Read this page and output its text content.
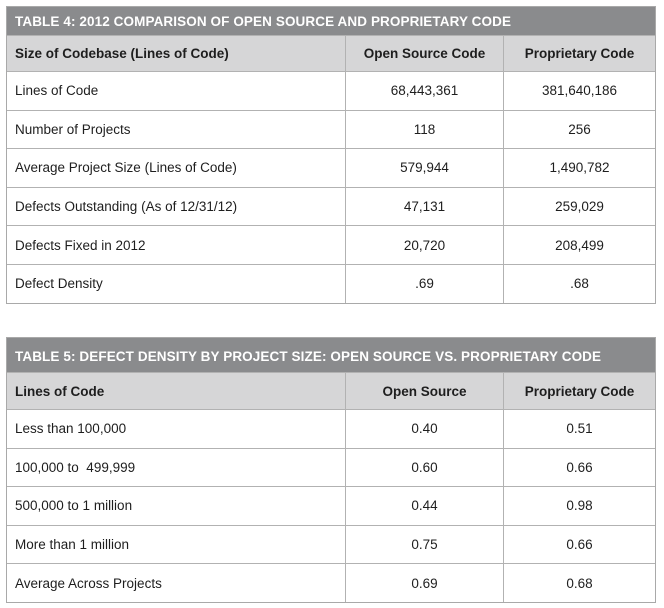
TABLE 4: 2012 COMPARISON OF OPEN SOURCE AND PROPRIETARY CODE
Size of Codebase (Lines of Code)	Open Source Code	Proprietary Code
Lines of Code	68,443,361	381,640,186
Number of Projects	118	256
Average Project Size (Lines of Code)	579,944	1,490,782
Defects Outstanding (As of 12/31/12)	47,131	259,029
Defects Fixed in 2012	20,720	208,499
Defect Density	.69	.68
TABLE 5: DEFECT DENSITY BY PROJECT SIZE: OPEN SOURCE VS. PROPRIETARY CODE
Lines of Code	Open Source	Proprietary Code
Less than 100,000	0.40	0.51
100,000 to  499,999	0.60	0.66
500,000 to 1 million	0.44	0.98
More than 1 million	0.75	0.66
Average Across Projects	0.69	0.68
